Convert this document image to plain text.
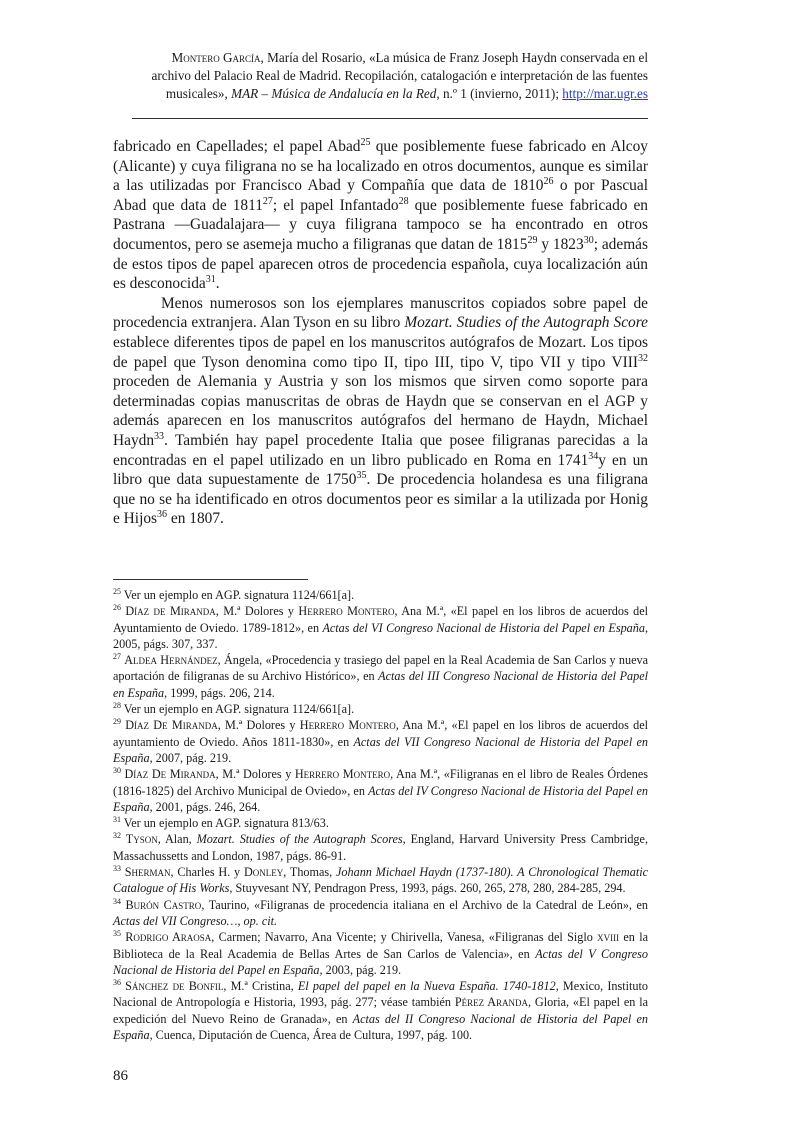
Montero García, María del Rosario, «La música de Franz Joseph Haydn conservada en el archivo del Palacio Real de Madrid. Recopilación, catalogación e interpretación de las fuentes musicales», MAR – Música de Andalucía en la Red, n.º 1 (invierno, 2011); http://mar.ugr.es

fabricado en Capellades; el papel Abad$^{25}$ que posiblemente fuese fabricado en Alcoy (Alicante) y cuya filigrana no se ha localizado en otros documentos, aunque es similar a las utilizadas por Francisco Abad y Compañía que data de 1810$^{26}$ o por Pascual Abad que data de 1811$^{27}$; el papel Infantado$^{28}$ que posiblemente fuese fabricado en Pastrana —Guadalajara— y cuya filigrana tampoco se ha encontrado en otros documentos, pero se asemeja mucho a filigranas que datan de 1815$^{29}$ y 1823$^{30}$; además de estos tipos de papel aparecen otros de procedencia española, cuya localización aún es desconocida$^{31}$.

Menos numerosos son los ejemplares manuscritos copiados sobre papel de procedencia extranjera. Alan Tyson en su libro Mozart. Studies of the Autograph Score establece diferentes tipos de papel en los manuscritos autógrafos de Mozart. Los tipos de papel que Tyson denomina como tipo II, tipo III, tipo V, tipo VII y tipo VIII$^{32}$ proceden de Alemania y Austria y son los mismos que sirven como soporte para determinadas copias manuscritas de obras de Haydn que se conservan en el AGP y además aparecen en los manuscritos autógrafos del hermano de Haydn, Michael Haydn$^{33}$. También hay papel procedente Italia que posee filigranas parecidas a la encontradas en el papel utilizado en un libro publicado en Roma en 1741$^{34}$y en un libro que data supuestamente de 1750$^{35}$. De procedencia holandesa es una filigrana que no se ha identificado en otros documentos peor es similar a la utilizada por Honig e Hijos$^{36}$ en 1807.

$^{25}$ Ver un ejemplo en AGP. signatura 1124/661[a].

$^{26}$ Díaz de Miranda, M.ª Dolores y Herrero Montero, Ana M.ª, «El papel en los libros de acuerdos del Ayuntamiento de Oviedo. 1789-1812», en Actas del VI Congreso Nacional de Historia del Papel en España, 2005, págs. 307, 337.

$^{27}$ Aldea Hernández, Ángela, «Procedencia y trasiego del papel en la Real Academia de San Carlos y nueva aportación de filigranas de su Archivo Histórico», en Actas del III Congreso Nacional de Historia del Papel en España, 1999, págs. 206, 214.

$^{28}$ Ver un ejemplo en AGP. signatura 1124/661[a].

$^{29}$ Díaz De Miranda, M.ª Dolores y Herrero Montero, Ana M.ª, «El papel en los libros de acuerdos del ayuntamiento de Oviedo. Años 1811-1830», en Actas del VII Congreso Nacional de Historia del Papel en España, 2007, pág. 219.

$^{30}$ Díaz De Miranda, M.ª Dolores y Herrero Montero, Ana M.ª, «Filigranas en el libro de Reales Órdenes (1816-1825) del Archivo Municipal de Oviedo», en Actas del IV Congreso Nacional de Historia del Papel en España, 2001, págs. 246, 264.

$^{31}$ Ver un ejemplo en AGP. signatura 813/63.

$^{32}$ Tyson, Alan, Mozart. Studies of the Autograph Scores, England, Harvard University Press Cambridge, Massachussetts and London, 1987, págs. 86-91.

$^{33}$ Sherman, Charles H. y Donley, Thomas, Johann Michael Haydn (1737-180). A Chronological Thematic Catalogue of His Works, Stuyvesant NY, Pendragon Press, 1993, págs. 260, 265, 278, 280, 284-285, 294.

$^{34}$ Burón Castro, Taurino, «Filigranas de procedencia italiana en el Archivo de la Catedral de León», en Actas del VII Congreso…, op. cit.

$^{35}$ Rodrigo Araosa, Carmen; Navarro, Ana Vicente; y Chirivella, Vanesa, «Filigranas del Siglo xviii en la Biblioteca de la Real Academia de Bellas Artes de San Carlos de Valencia», en Actas del V Congreso Nacional de Historia del Papel en España, 2003, pág. 219.

$^{36}$ Sánchez de Bonfil, M.ª Cristina, El papel del papel en la Nueva España. 1740-1812, Mexico, Instituto Nacional de Antropología e Historia, 1993, pág. 277; véase también Pérez Aranda, Gloria, «El papel en la expedición del Nuevo Reino de Granada», en Actas del II Congreso Nacional de Historia del Papel en España, Cuenca, Diputación de Cuenca, Área de Cultura, 1997, pág. 100.

86
